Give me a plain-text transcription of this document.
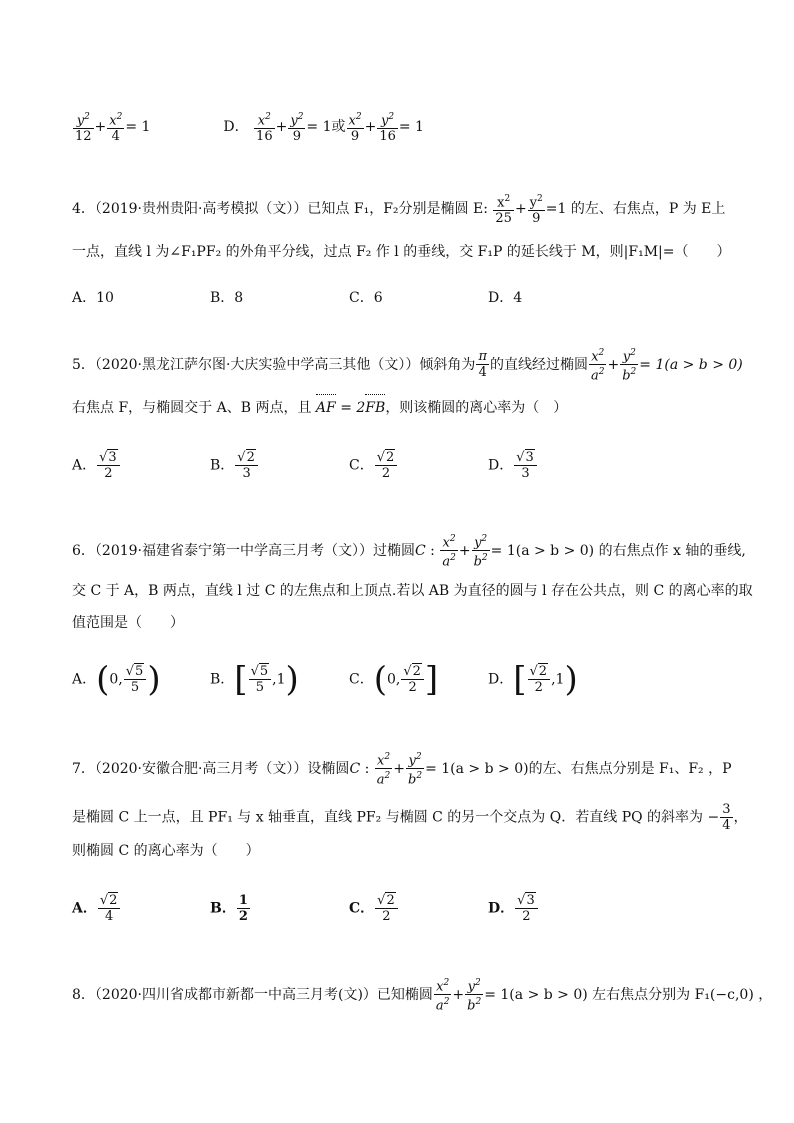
$\frac{y^2}{12} + \frac{x^2}{4} = 1$	D． $\frac{x^2}{16} + \frac{y^2}{9} = 1$或 $\frac{x^2}{9} + \frac{y^2}{16} = 1$
4．（2019·贵州贵阳·高考模拟（文））已知点 F₁，F₂分别是椭圆 E: $\frac{x^2}{25} + \frac{y^2}{9} =1$ 的左、右焦点，P 为 E上
一点，直线 l 为∠F₁PF₂ 的外角平分线，过点 F₂ 作 l 的垂线，交 F₁P 的延长线于 M，则|F₁M|=（　　）
A．10	B．8	C．6	D．4
5．（2020·黑龙江萨尔图·大庆实验中学高三其他（文））倾斜角为 $\frac{\pi}{4}$ 的直线经过椭圆 $\frac{x^2}{a^2} + \frac{y^2}{b^2} = 1(a > b > 0)$
右焦点 F，与椭圆交于 A、B 两点，且 AF = 2FB，则该椭圆的离心率为（　）
A． $\frac{√3}{2}$	B． $\frac{√2}{3}$	C． $\frac{√2}{2}$	D． $\frac{√3}{3}$
6．（2019·福建省泰宁第一中学高三月考（文））过椭圆C : $\frac{x^2}{a^2} + \frac{y^2}{b^2} = 1(a > b > 0)$ 的右焦点作 x 轴的垂线,
交 C 于 A，B 两点，直线 l 过 C 的左焦点和上顶点.若以 AB 为直径的圆与 l 存在公共点，则 C 的离心率的取
值范围是（　　）
A．(0, $\frac{√5}{5}$ )	B．[ $\frac{√5}{5} ,1$)	C．(0, $\frac{√2}{2}$ ]	D．[ $\frac{√2}{2} ,1$)
7．（2020·安徽合肥·高三月考（文））设椭圆C : $\frac{x^2}{a^2} + \frac{y^2}{b^2} = 1(a > b > 0)$的左、右焦点分别是 F₁、F₂ ，P
是椭圆 C 上一点，且 PF₁ 与 x 轴垂直，直线 PF₂ 与椭圆 C 的另一个交点为 Q．若直线 PQ 的斜率为 − $\frac{3}{4}$ ，
则椭圆 C 的离心率为（　　）
A． $\frac{√2}{4}$	B． $\frac{1}{2}$	C． $\frac{√2}{2}$	D． $\frac{√3}{2}$
8．（2020·四川省成都市新都一中高三月考(文)）已知椭圆 $\frac{x^2}{a^2} + \frac{y^2}{b^2} = 1(a > b > 0)$ 左右焦点分别为 F₁(−c,0) ，
